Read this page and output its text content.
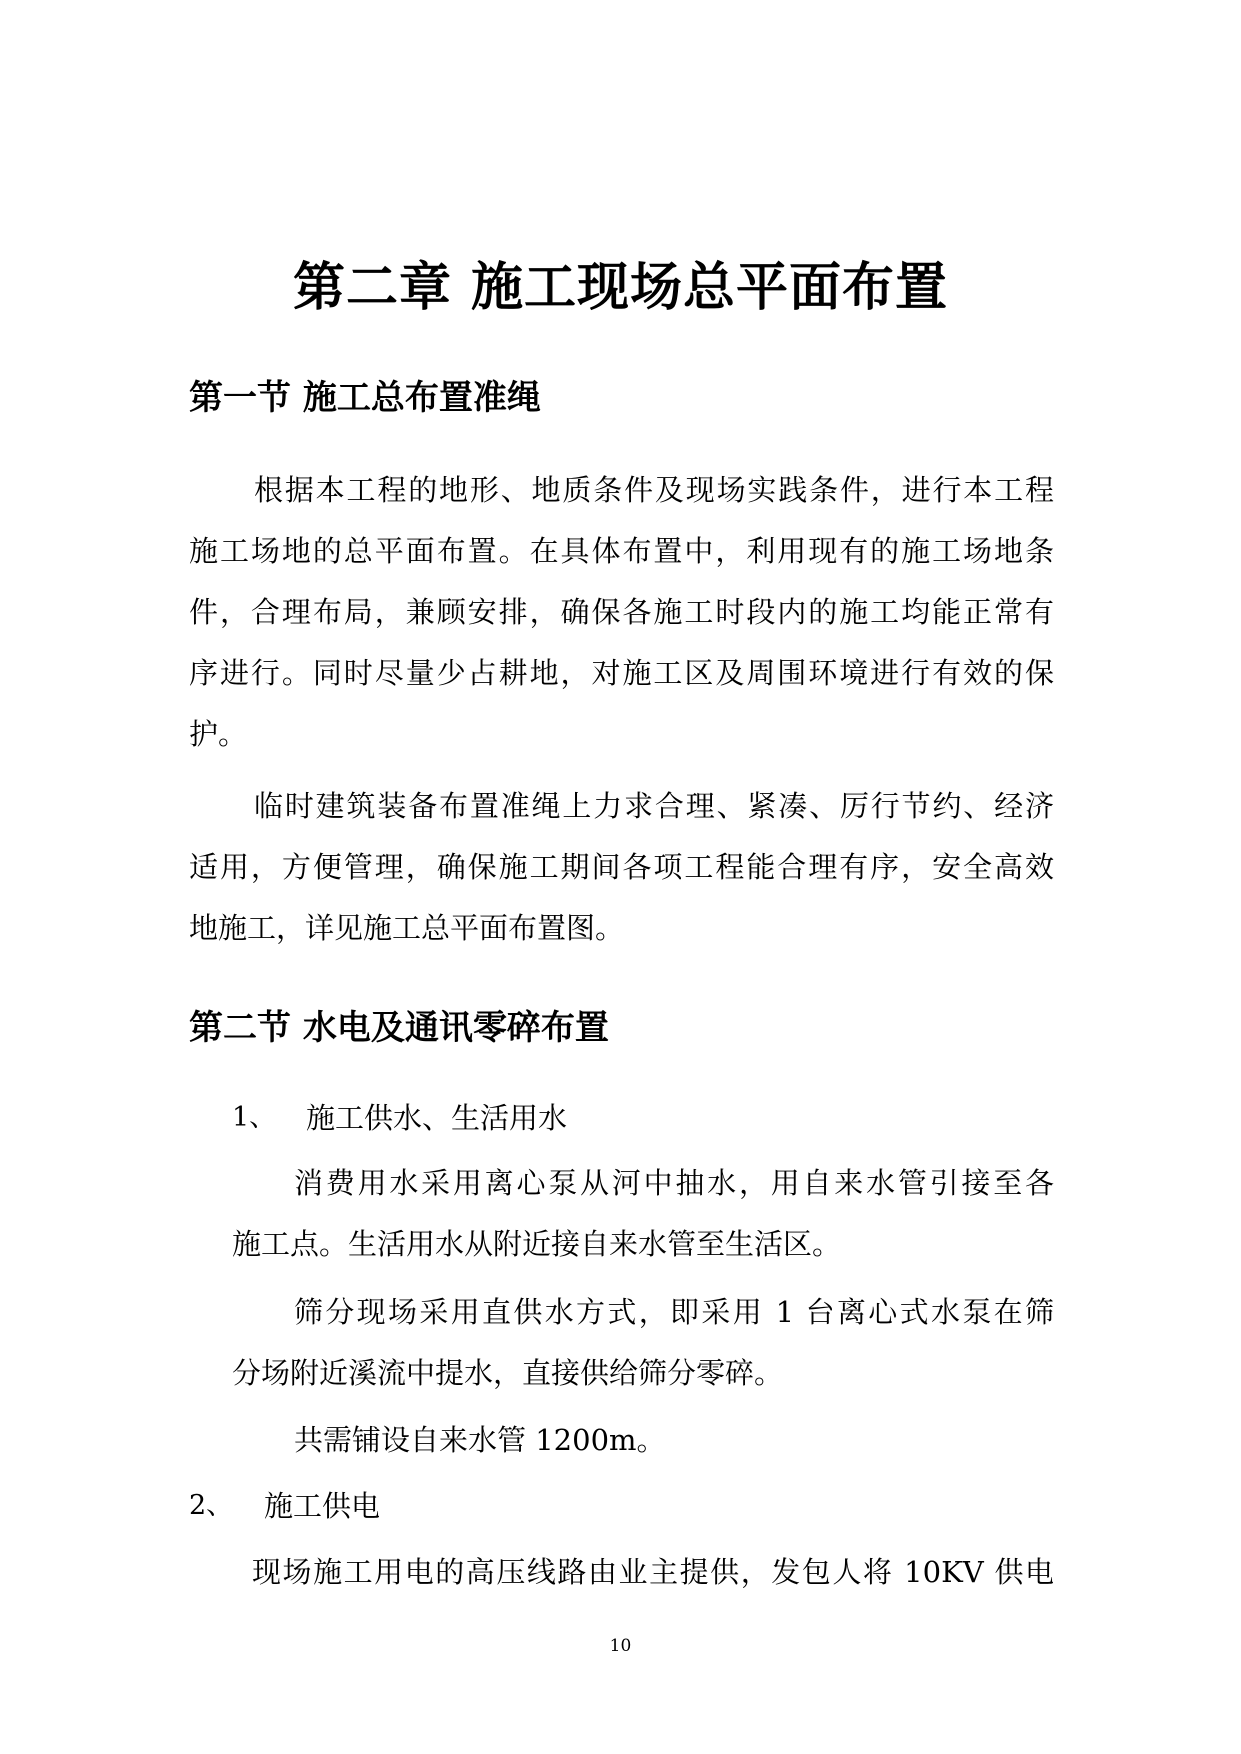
第二章 施工现场总平面布置
第一节 施工总布置准绳

根据本工程的地形、地质条件及现场实践条件，进行本工程

施工场地的总平面布置。在具体布置中，利用现有的施工场地条

件，合理布局，兼顾安排，确保各施工时段内的施工均能正常有

序进行。同时尽量少占耕地，对施工区及周围环境进行有效的保

护。

临时建筑装备布置准绳上力求合理、紧凑、厉行节约、经济

适用，方便管理，确保施工期间各项工程能合理有序，安全高效

地施工，详见施工总平面布置图。

第二节 水电及通讯零碎布置
1、 施工供水、生活用水

消费用水采用离心泵从河中抽水，用自来水管引接至各

施工点。生活用水从附近接自来水管至生活区。

筛分现场采用直供水方式，即采用 1 台离心式水泵在筛

分场附近溪流中提水，直接供给筛分零碎。

共需铺设自来水管 1200m。

2、 施工供电

现场施工用电的高压线路由业主提供，发包人将 10KV 供电

10
